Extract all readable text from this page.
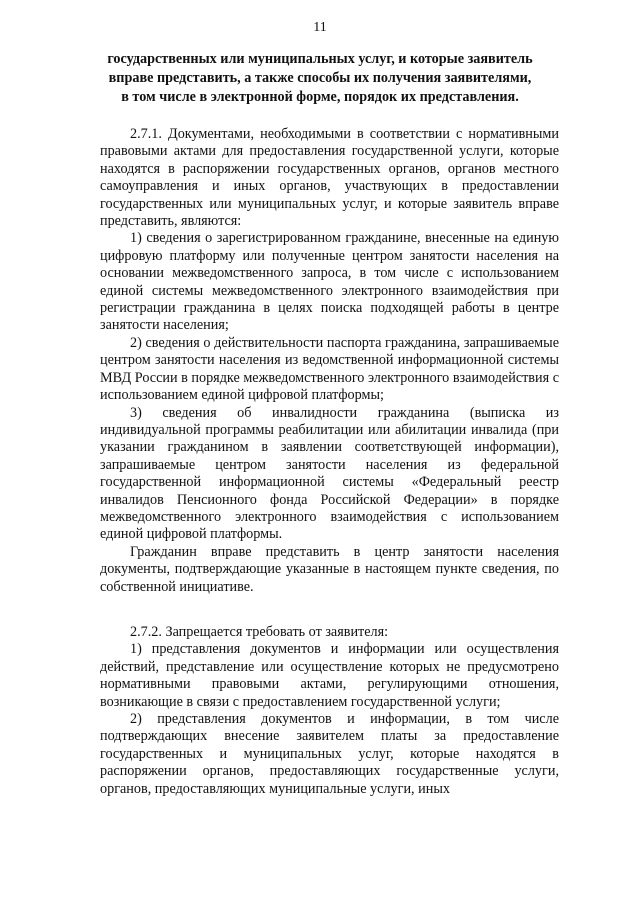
11
государственных или муниципальных услуг, и которые заявитель
вправе представить, а также способы их получения заявителями,
в том числе в электронной форме, порядок их представления.

2.7.1. Документами, необходимыми в соответствии с нормативными правовыми актами для предоставления государственной услуги, которые находятся в распоряжении государственных органов, органов местного самоуправления и иных органов, участвующих в предоставлении государственных или муниципальных услуг, и которые заявитель вправе представить, являются:

1) сведения о зарегистрированном гражданине, внесенные на единую цифровую платформу или полученные центром занятости населения на основании межведомственного запроса, в том числе с использованием единой системы межведомственного электронного взаимодействия при регистрации гражданина в целях поиска подходящей работы в центре занятости населения;

2) сведения о действительности паспорта гражданина, запрашиваемые центром занятости населения из ведомственной информационной системы МВД России в порядке межведомственного электронного взаимодействия с использованием единой цифровой платформы;

3) сведения об инвалидности гражданина (выписка из индивидуальной программы реабилитации или абилитации инвалида (при указании гражданином в заявлении соответствующей информации), запрашиваемые центром занятости населения из федеральной государственной информационной системы «Федеральный реестр инвалидов Пенсионного фонда Российской Федерации» в порядке межведомственного электронного взаимодействия с использованием единой цифровой платформы.

Гражданин вправе представить в центр занятости населения документы, подтверждающие указанные в настоящем пункте сведения, по собственной инициативе.

2.7.2. Запрещается требовать от заявителя:

1) представления документов и информации или осуществления действий, представление или осуществление которых не предусмотрено нормативными правовыми актами, регулирующими отношения, возникающие в связи с предоставлением государственной услуги;

2) представления документов и информации, в том числе подтверждающих внесение заявителем платы за предоставление государственных и муниципальных услуг, которые находятся в распоряжении органов, предоставляющих государственные услуги, органов, предоставляющих муниципальные услуги, иных
